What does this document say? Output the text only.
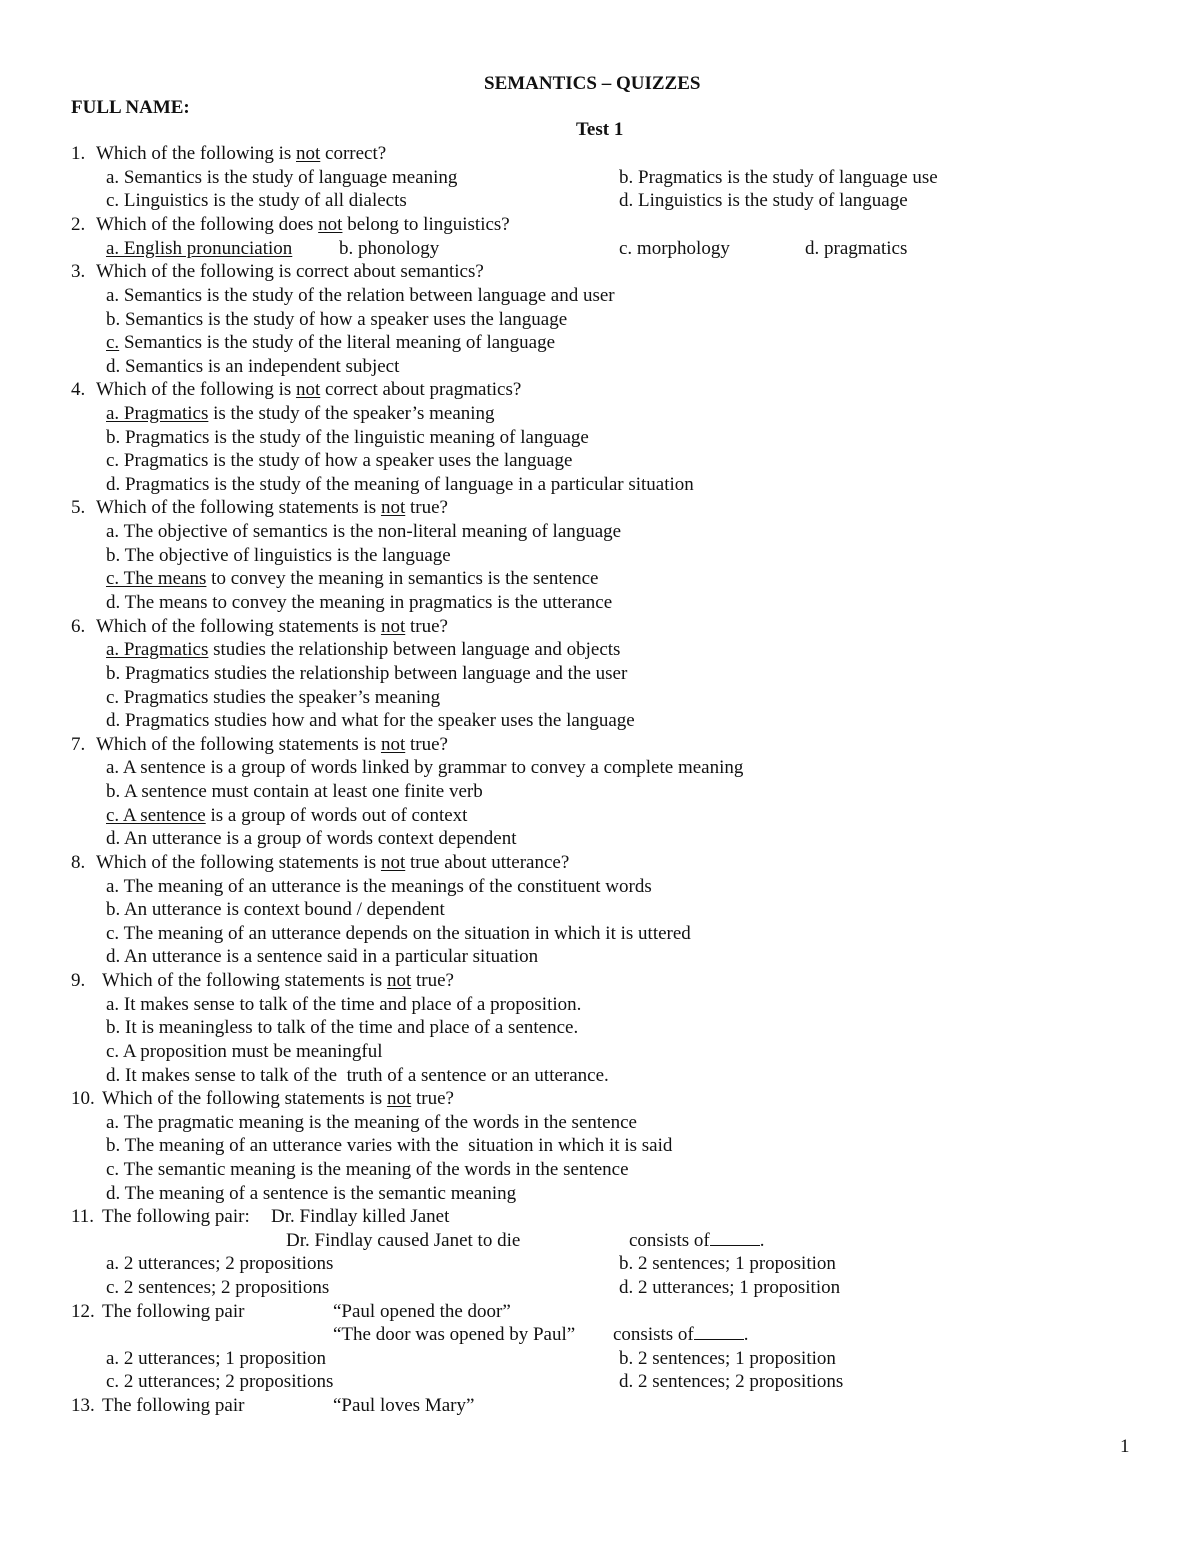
SEMANTICS – QUIZZES
FULL NAME:
Test 1
1. Which of the following is not correct?
a. Semantics is the study of language meaning	b. Pragmatics is the study of language use
c. Linguistics is the study of all dialects	d. Linguistics is the study of language
2. Which of the following does not belong to linguistics?
a. English pronunciation b. phonology	c. morphology	d. pragmatics
3. Which of the following is correct about semantics?
a. Semantics is the study of the relation between language and user
b. Semantics is the study of how a speaker uses the language
c. Semantics is the study of the literal meaning of language
d. Semantics is an independent subject
4. Which of the following is not correct about pragmatics?
a. Pragmatics is the study of the speaker’s meaning
b. Pragmatics is the study of the linguistic meaning of language
c. Pragmatics is the study of how a speaker uses the language
d. Pragmatics is the study of the meaning of language in a particular situation
5. Which of the following statements is not true?
a. The objective of semantics is the non-literal meaning of language
b. The objective of linguistics is the language
c. The means to convey the meaning in semantics is the sentence
d. The means to convey the meaning in pragmatics is the utterance
6. Which of the following statements is not true?
a. Pragmatics studies the relationship between language and objects
b. Pragmatics studies the relationship between language and the user
c. Pragmatics studies the speaker’s meaning
d. Pragmatics studies how and what for the speaker uses the language
7. Which of the following statements is not true?
a. A sentence is a group of words linked by grammar to convey a complete meaning
b. A sentence must contain at least one finite verb
c. A sentence is a group of words out of context
d. An utterance is a group of words context dependent
8. Which of the following statements is not true about utterance?
a. The meaning of an utterance is the meanings of the constituent words
b. An utterance is context bound / dependent
c. The meaning of an utterance depends on the situation in which it is uttered
d. An utterance is a sentence said in a particular situation
9. Which of the following statements is not true?
a. It makes sense to talk of the time and place of a proposition.
b. It is meaningless to talk of the time and place of a sentence.
c. A proposition must be meaningful
d. It makes sense to talk of the  truth of a sentence or an utterance.
10. Which of the following statements is not true?
a. The pragmatic meaning is the meaning of the words in the sentence
b. The meaning of an utterance varies with the  situation in which it is said
c. The semantic meaning is the meaning of the words in the sentence
d. The meaning of a sentence is the semantic meaning
11. The following pair: Dr. Findlay killed Janet
Dr. Findlay caused Janet to die	consists of	.
a. 2 utterances; 2 propositions	b. 2 sentences; 1 proposition
c. 2 sentences; 2 propositions	d. 2 utterances; 1 proposition
12. The following pair	“Paul opened the door”
“The door was opened by Paul” consists of	.
a. 2 utterances; 1 proposition	b. 2 sentences; 1 proposition
c. 2 utterances; 2 propositions	d. 2 sentences; 2 propositions
13. The following pair	“Paul loves Mary”
1
